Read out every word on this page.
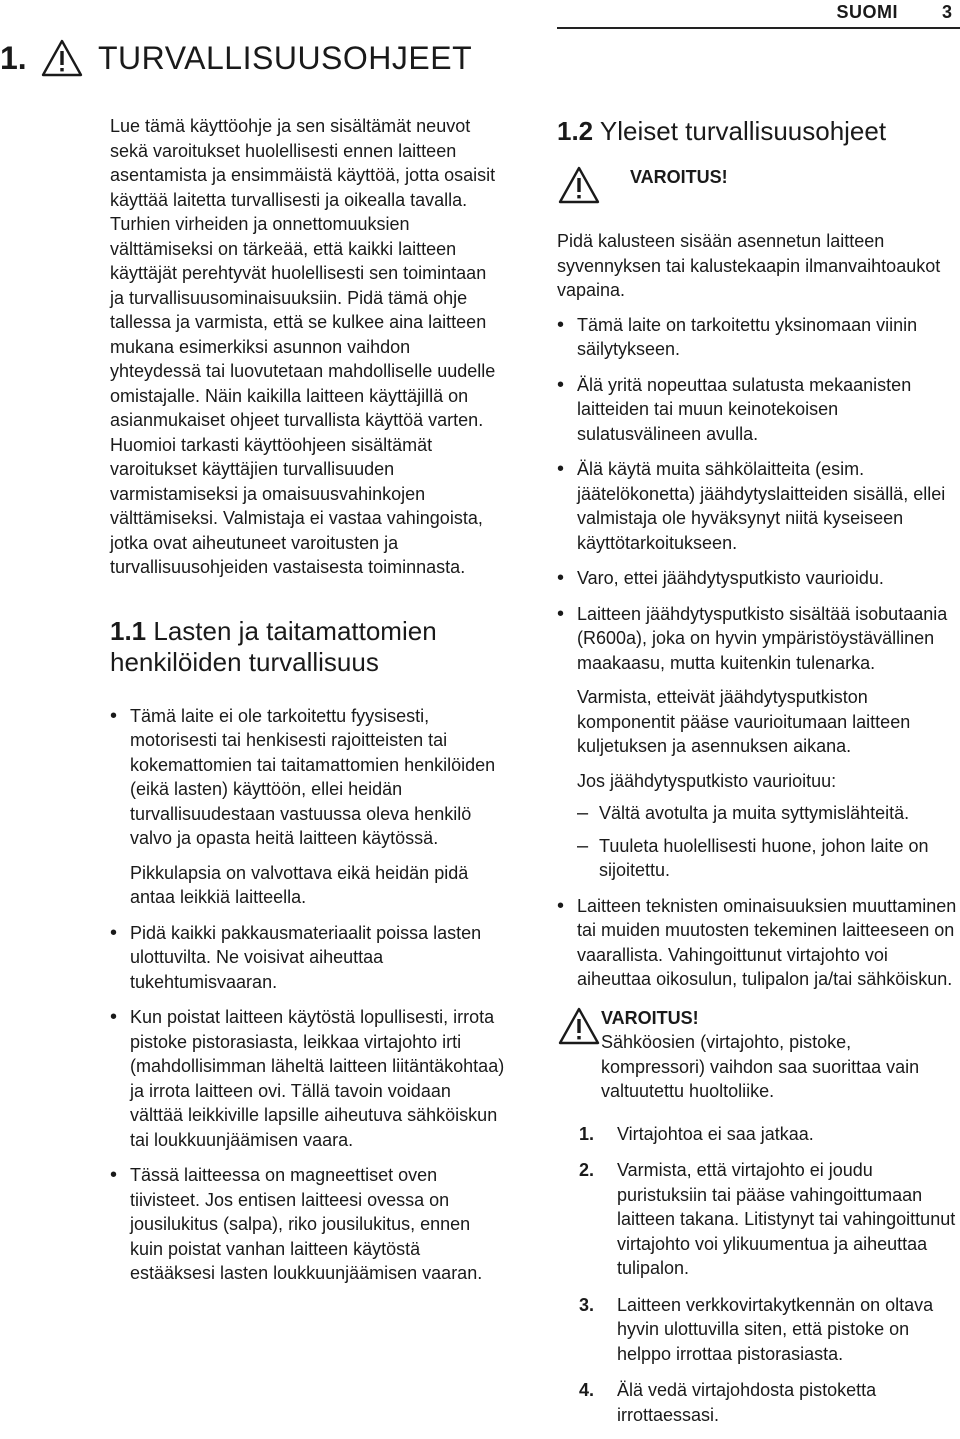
SUOMI 3
1.	TURVALLISUUSOHJEET

Lue tämä käyttöohje ja sen sisältämät neuvot sekä varoitukset huolellisesti ennen laitteen asentamista ja ensimmäistä käyttöä, jotta osaisit käyttää laitetta turvallisesti ja oikealla tavalla. Turhien virheiden ja onnettomuuksien välttämiseksi on tärkeää, että kaikki laitteen käyttäjät perehtyvät huolellisesti sen toimintaan ja turvallisuusominaisuuksiin. Pidä tämä ohje tallessa ja varmista, että se kulkee aina laitteen mukana esimerkiksi asunnon vaihdon yhteydessä tai luovutetaan mahdolliselle uudelle omistajalle. Näin kaikilla laitteen käyttäjillä on asianmukaiset ohjeet turvallista käyttöä varten. Huomioi tarkasti käyttöohjeen sisältämät varoitukset käyttäjien turvallisuuden varmistamiseksi ja omaisuusvahinkojen välttämiseksi. Valmistaja ei vastaa vahingoista, jotka ovat aiheutuneet varoitusten ja turvallisuusohjeiden vastaisesta toiminnasta.

1.1 Lasten ja taitamattomien henkilöiden turvallisuus
• Tämä laite ei ole tarkoitettu fyysisesti, motorisesti tai henkisesti rajoitteisten tai kokemattomien tai taitamattomien henkilöiden (eikä lasten) käyttöön, ellei heidän turvallisuudestaan vastuussa oleva henkilö valvo ja opasta heitä laitteen käytössä.
Pikkulapsia on valvottava eikä heidän pidä antaa leikkiä laitteella.
• Pidä kaikki pakkausmateriaalit poissa lasten ulottuvilta. Ne voisivat aiheuttaa tukehtumisvaaran.
• Kun poistat laitteen käytöstä lopullisesti, irrota pistoke pistorasiasta, leikkaa virtajohto irti (mahdollisimman läheltä laitteen liitäntäkohtaa) ja irrota laitteen ovi. Tällä tavoin voidaan välttää leikkiville lapsille aiheutuva sähköiskun tai loukkuunjäämisen vaara.
• Tässä laitteessa on magneettiset oven tiivisteet. Jos entisen laitteesi ovessa on jousilukitus (salpa), riko jousilukitus, ennen kuin poistat vanhan laitteen käytöstä estääksesi lasten loukkuunjäämisen vaaran.
1.2 Yleiset turvallisuusohjeet
VAROITUS!

Pidä kalusteen sisään asennetun laitteen syvennyksen tai kalustekaapin ilmanvaihtoaukot vapaina.

• Tämä laite on tarkoitettu yksinomaan viinin säilytykseen.
• Älä yritä nopeuttaa sulatusta mekaanisten laitteiden tai muun keinotekoisen sulatusvälineen avulla.
• Älä käytä muita sähkölaitteita (esim. jäätelökonetta) jäähdytyslaitteiden sisällä, ellei valmistaja ole hyväksynyt niitä kyseiseen käyttötarkoitukseen.
• Varo, ettei jäähdytysputkisto vaurioidu.
• Laitteen jäähdytysputkisto sisältää isobutaania (R600a), joka on hyvin ympäristöystävällinen maakaasu, mutta kuitenkin tulenarka.
Varmista, etteivät jäähdytysputkiston komponentit pääse vaurioitumaan laitteen kuljetuksen ja asennuksen aikana.
Jos jäähdytysputkisto vaurioituu:
– Vältä avotulta ja muita syttymislähteitä.
– Tuuleta huolellisesti huone, johon laite on sijoitettu.
• Laitteen teknisten ominaisuuksien muuttaminen tai muiden muutosten tekeminen laitteeseen on vaarallista. Vahingoittunut virtajohto voi aiheuttaa oikosulun, tulipalon ja/tai sähköiskun.
VAROITUS!
Sähköosien (virtajohto, pistoke, kompressori) vaihdon saa suorittaa vain valtuutettu huoltoliike.
1. Virtajohtoa ei saa jatkaa.
2. Varmista, että virtajohto ei joudu puristuksiin tai pääse vahingoittumaan laitteen takana. Litistynyt tai vahingoittunut virtajohto voi ylikuumentua ja aiheuttaa tulipalon.
3. Laitteen verkkovirtakytkennän on oltava hyvin ulottuvilla siten, että pistoke on helppo irrottaa pistorasiasta.
4. Älä vedä virtajohdosta pistoketta irrottaessasi.
